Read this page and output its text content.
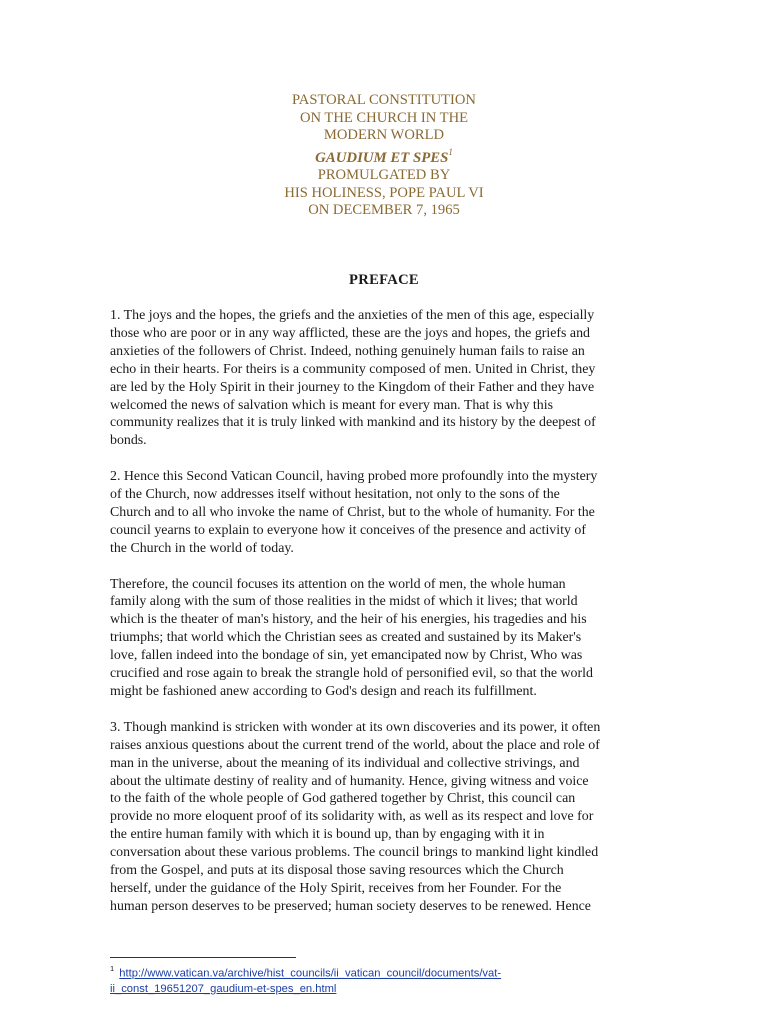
PASTORAL CONSTITUTION
ON THE CHURCH IN THE
MODERN WORLD
GAUDIUM ET SPES$^1$
PROMULGATED BY
HIS HOLINESS, POPE PAUL VI
ON DECEMBER 7, 1965
PREFACE

1. The joys and the hopes, the griefs and the anxieties of the men of this age, especially
those who are poor or in any way afflicted, these are the joys and hopes, the griefs and
anxieties of the followers of Christ. Indeed, nothing genuinely human fails to raise an
echo in their hearts. For theirs is a community composed of men. United in Christ, they
are led by the Holy Spirit in their journey to the Kingdom of their Father and they have
welcomed the news of salvation which is meant for every man. That is why this
community realizes that it is truly linked with mankind and its history by the deepest of
bonds.

2. Hence this Second Vatican Council, having probed more profoundly into the mystery
of the Church, now addresses itself without hesitation, not only to the sons of the
Church and to all who invoke the name of Christ, but to the whole of humanity. For the
council yearns to explain to everyone how it conceives of the presence and activity of
the Church in the world of today.

Therefore, the council focuses its attention on the world of men, the whole human
family along with the sum of those realities in the midst of which it lives; that world
which is the theater of man's history, and the heir of his energies, his tragedies and his
triumphs; that world which the Christian sees as created and sustained by its Maker's
love, fallen indeed into the bondage of sin, yet emancipated now by Christ, Who was
crucified and rose again to break the strangle hold of personified evil, so that the world
might be fashioned anew according to God's design and reach its fulfillment.

3. Though mankind is stricken with wonder at its own discoveries and its power, it often
raises anxious questions about the current trend of the world, about the place and role of
man in the universe, about the meaning of its individual and collective strivings, and
about the ultimate destiny of reality and of humanity. Hence, giving witness and voice
to the faith of the whole people of God gathered together by Christ, this council can
provide no more eloquent proof of its solidarity with, as well as its respect and love for
the entire human family with which it is bound up, than by engaging with it in
conversation about these various problems. The council brings to mankind light kindled
from the Gospel, and puts at its disposal those saving resources which the Church
herself, under the guidance of the Holy Spirit, receives from her Founder. For the
human person deserves to be preserved; human society deserves to be renewed. Hence

$^1$ http://www.vatican.va/archive/hist_councils/ii_vatican_council/documents/vat-
ii_const_19651207_gaudium-et-spes_en.html
